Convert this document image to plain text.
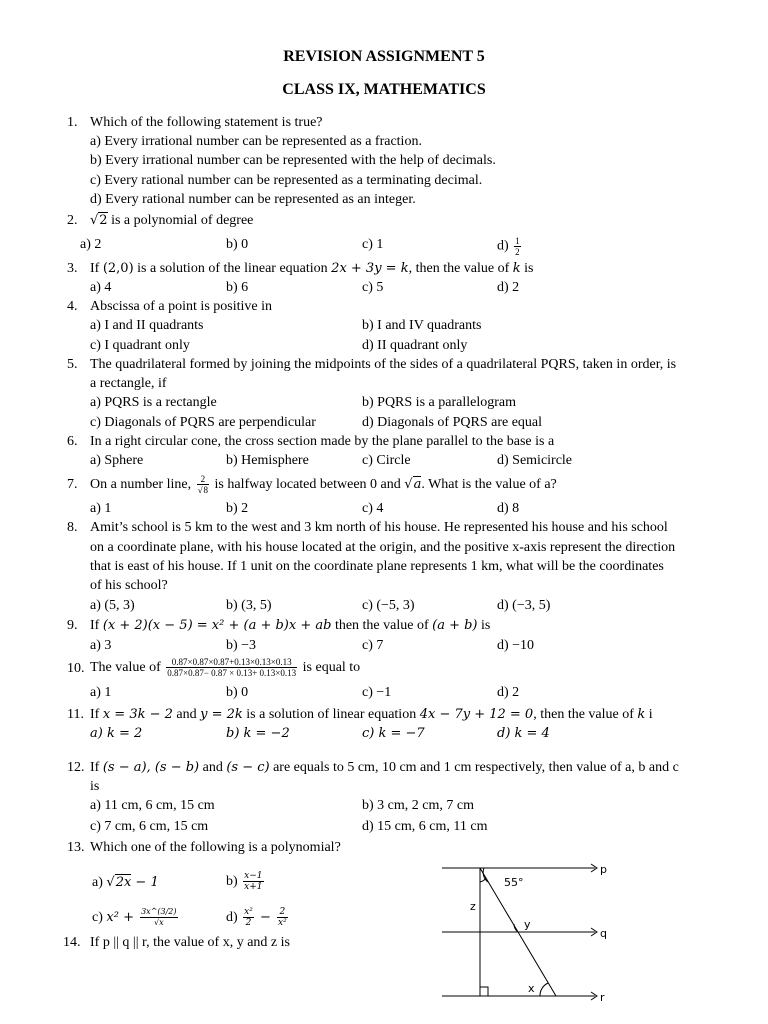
REVISION ASSIGNMENT 5
CLASS IX, MATHEMATICS
1. Which of the following statement is true?
a) Every irrational number can be represented as a fraction.
b) Every irrational number can be represented with the help of decimals.
c) Every rational number can be represented as a terminating decimal.
d) Every rational number can be represented as an integer.
2. √2 is a polynomial of degree
a) 2	b) 0	c) 1	$d) \frac{1}{2}$
3. If (2,0) is a solution of the linear equation 2x + 3y = k, then the value of k is
a) 4	b) 6	c) 5	d) 2
4. Abscissa of a point is positive in
a) I and II quadrants	b) I and IV quadrants
c) I quadrant only	d) II quadrant only
5. The quadrilateral formed by joining the midpoints of the sides of a quadrilateral PQRS, taken in order, is
a rectangle, if
a) PQRS is a rectangle	b) PQRS is a parallelogram
c) Diagonals of PQRS are perpendicular	d) Diagonals of PQRS are equal
6. In a right circular cone, the cross section made by the plane parallel to the base is a
a) Sphere	b) Hemisphere	c) Circle	d) Semicircle
7. On a number line, $\frac{2}{√8}$ is halfway located between 0 and √a. What is the value of a?
a) 1	b) 2	c) 4	d) 8
8. Amit’s school is 5 km to the west and 3 km north of his house. He represented his house and his school
on a coordinate plane, with his house located at the origin, and the positive x-axis represent the direction
that is east of his house. If 1 unit on the coordinate plane represents 1 km, what will be the coordinates
of his school?
a) (5, 3)	b) (3, 5)	c) (−5, 3)	d) (−3, 5)
9. If (x + 2)(x − 5) = x² + (a + b)x + ab then the value of (a + b) is
a) 3	b) −3	c) 7	d) −10
10. The value of $\frac{0.87\times 0.87\times 0.87+0.13\times 0.13\times 0.13}{0.87\times 0.87- 0.87 \times 0.13+ 0.13\times 0.13}$ is equal to
a) 1	b) 0	c) −1	d) 2
11. If x = 3k − 2 and y = 2k is a solution of linear equation 4x − 7y + 12 = 0, then the value of k i
a) k = 2	b) k = −2	c) k = −7	d) k = 4
12. If (s − a), (s − b) and (s − c) are equals to 5 cm, 10 cm and 1 cm respectively, then value of a, b and c
is
a) 11 cm, 6 cm, 15 cm	b) 3 cm, 2 cm, 7 cm
c) 7 cm, 6 cm, 15 cm	d) 15 cm, 6 cm, 11 cm
13. Which one of the following is a polynomial?
a) √2x − 1	$b) \frac{x-1}{x+1}$
c) $x^2 + \frac{3x\^{}(3/2)}{√x}$	$d) \frac{\text{x²}}{2} - \frac{2}{\text{x²}}$
14. If p || q || r, the value of x, y and z is
55°
z
y
x
p
q
r
